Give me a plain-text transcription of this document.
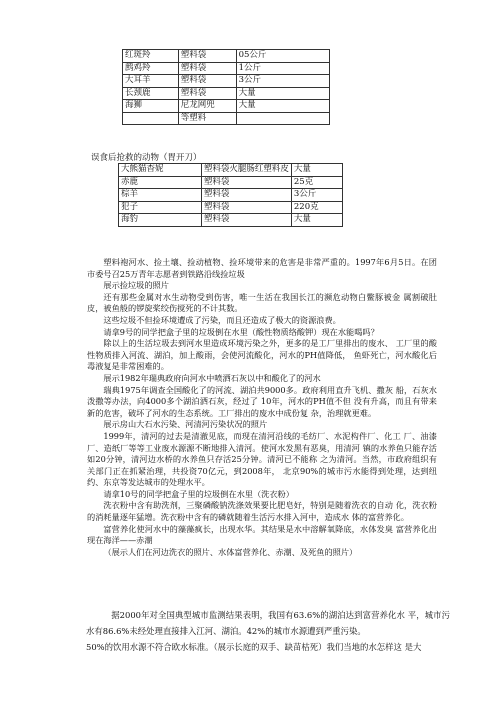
红斑羚	塑料袋	05公斤
鹧鸡羚	塑料袋	1公斤
大耳羊	塑料袋	3公斤
长颈鹿	塑料袋	大量
海狮	尼龙网兜	大量
	等塑料	
误食后抢救的动物（胃开刀）
大熊猫杳妮	塑料袋火腿肠红塑料皮	大量
赤鹿	塑料袋	25克
棕羊	塑料袋	3公斤
犯子	塑料袋	220克
海豹	塑料袋	大量

塑料袍河水、捡土壤、捡动植物、捡环境带来的危害是非常严重的。1997年6月5日。在团市委号召25万青年志愿者到铁路沿线捡垃圾

展示捡垃圾的照片

还有那些金属对水生动物受到伤害，唯一生活在我国长江的濒危动物白鳖豚被金 属割破肚皮，被鱼般的锣旋桨绞伤搅死的不计其数。

这些垃圾不但捡环境遭成了污染，而且还造成了极大的资源浪费。

请拿9号的同学把盒子里的垃圾倒在水里（酸性物质络酸钾）现在水能喝吗？

除以上的生活垃圾去到河水里造成环境污染之外，更多的是工厂里排出的废水、 工厂里的酸性物质排入河流、湖泊，加上酸雨，会使河流酸化，河水的PH值降低， 鱼虾死亡，河水酸化后毒液复是非常困难的。

展示1982年瑞典政府向河水中喷洒石灰以中和酸化了的河水

瑞典1975年调查全国酸化了的河流、湖泊共9000多。政府利用直升飞机、撒灰 船，石灰水泼撒等办法，向4000多个湖泊洒石灰，经过了 10年，河水的PH值不但 没有升高，而且有带来新的危害，破坏了河水的生态系统。工厂排出的废水中成份复 杂，治理就更难。

展示房山大石水污染、河清河污染状况的照片

1999年，清河的过去是清澈见底，而现在清河沿线的毛纺厂、水泥构件厂、化工 厂、油漆厂、造纸厂等等工业废水源源不断地排入清河。使河水发黑有恶臭，用清河 镇的水养鱼只能存活如20分钟，清河边水桥的水养鱼只存活25分钟。清河已不能称 之为清河。当然，市政府组织有关部门正在抓紧治理，共投资70亿元，到2008年， 北京90%的城市污水能得到处理，达到纽约、东京等发达城市的处理水平。

请拿10号的同学把盒子里的垃圾倒在水里（洗衣粉）

洗衣粉中含有助洗剂，三聚磷酸钠洗涤效果要比肥皂好，特别是随着洗衣的自动 化，洗衣粉的消耗量逐年猛增。洗衣粉中含有的磷就随着生活污水排入河中，造成水 体的富营养化。

富营养化使河水中的藻藻疯长，出现水华。其结果是水中溶解氧降底，水体发臭 富营养化出现在海洋——赤潮

（展示人们在河边洗衣的照片、水体富营养化、赤潮、及死鱼的照片）

据2000年对全国典型城市监测结果表明，我国有63.6%的湖泊达到富营养化水 平，城市污水有86.6%未经处理直接排入江河、湖泊。42%的城市水源遭到严重污染。

50%的饮用水源不符合欧水标准。（展示长庭的双手、缺苗枯死）我们当地的水怎样这 是大
